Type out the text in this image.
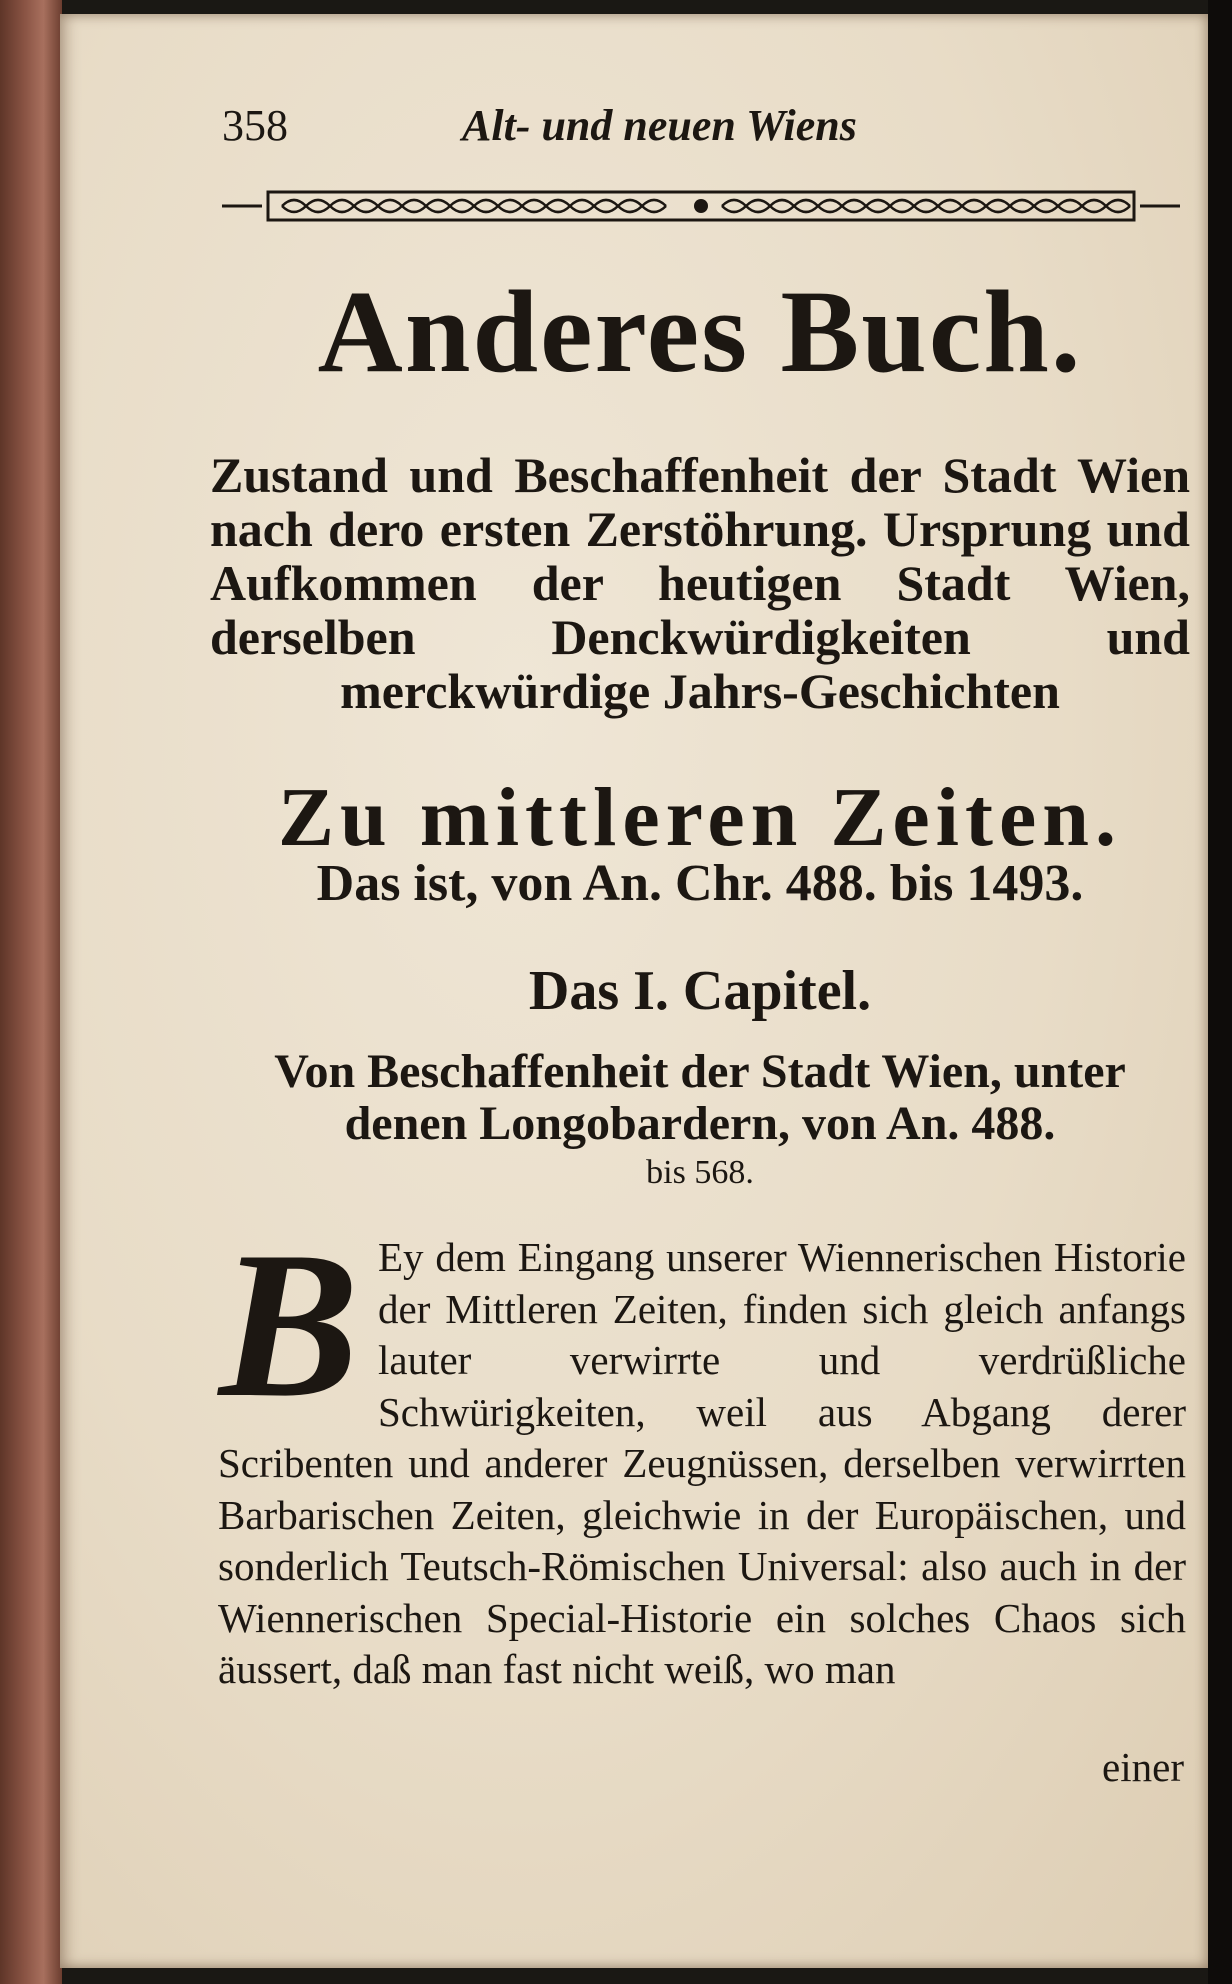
358	Alt- und neuen Wiens
Anderes Buch.

Zustand und Beschaffenheit der Stadt Wien nach dero ersten Zerstöhrung. Ursprung und Aufkommen der heutigen Stadt Wien, derselben Denckwürdigkeiten und merckwürdige Jahrs-Geschichten

Zu mittleren Zeiten.

Das ist, von An. Chr. 488. bis 1493.

Das I. Capitel.

Von Beschaffenheit der Stadt Wien, unter denen Longobardern, von An. 488.
bis 568.

B Ey dem Eingang unserer Wiennerischen Historie der Mittleren Zeiten, finden sich gleich anfangs lauter verwirrte und verdrüßliche Schwürigkeiten, weil aus Abgang derer Scribenten und anderer Zeugnüssen, derselben verwirrten Barbarischen Zeiten, gleichwie in der Europäischen, und sonderlich Teutsch-Römischen Universal: also auch in der Wiennerischen Special-Historie ein solches Chaos sich äussert, daß man fast nicht weiß, wo man

einer
